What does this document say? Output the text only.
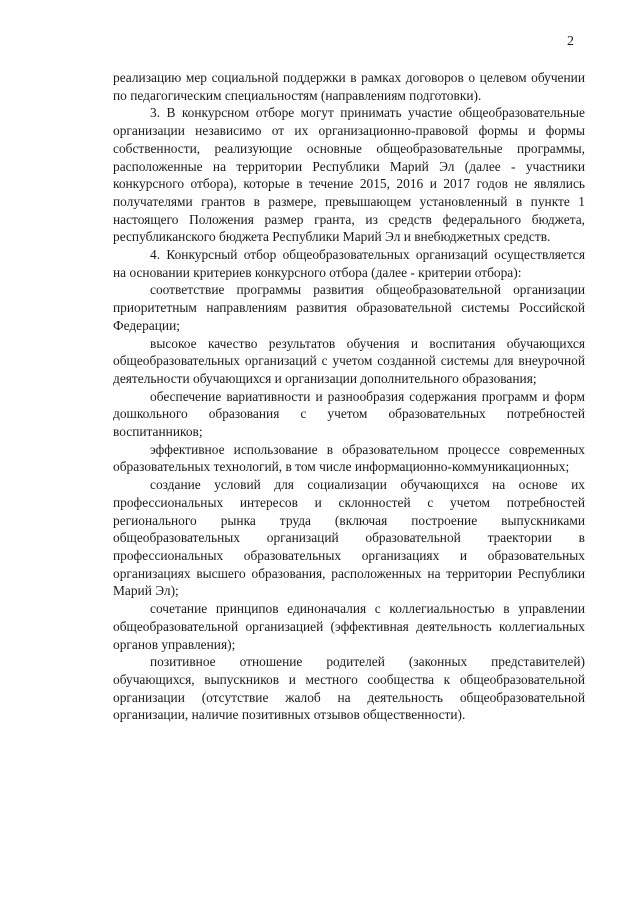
2

реализацию мер социальной поддержки в рамках договоров о целевом обучении по педагогическим специальностям (направлениям подготовки).

3. В конкурсном отборе могут принимать участие общеобразовательные организации независимо от их организационно-правовой формы и формы собственности, реализующие основные общеобразовательные программы, расположенные на территории Республики Марий Эл (далее - участники конкурсного отбора), которые в течение 2015, 2016 и 2017 годов не являлись получателями грантов в размере, превышающем установленный в пункте 1 настоящего Положения размер гранта, из средств федерального бюджета, республиканского бюджета Республики Марий Эл и внебюджетных средств.

4. Конкурсный отбор общеобразовательных организаций осуществляется на основании критериев конкурсного отбора (далее - критерии отбора):

соответствие программы развития общеобразовательной организации приоритетным направлениям развития образовательной системы Российской Федерации;

высокое качество результатов обучения и воспитания обучающихся общеобразовательных организаций с учетом созданной системы для внеурочной деятельности обучающихся и организации дополнительного образования;

обеспечение вариативности и разнообразия содержания программ и форм дошкольного образования с учетом образовательных потребностей воспитанников;

эффективное использование в образовательном процессе современных образовательных технологий, в том числе информационно-коммуникационных;

создание условий для социализации обучающихся на основе их профессиональных интересов и склонностей с учетом потребностей регионального рынка труда (включая построение выпускниками общеобразовательных организаций образовательной траектории в профессиональных образовательных организациях и образовательных организациях высшего образования, расположенных на территории Республики Марий Эл);

сочетание принципов единоначалия с коллегиальностью в управлении общеобразовательной организацией (эффективная деятельность коллегиальных органов управления);

позитивное отношение родителей (законных представителей) обучающихся, выпускников и местного сообщества к общеобразовательной организации (отсутствие жалоб на деятельность общеобразовательной организации, наличие позитивных отзывов общественности).
